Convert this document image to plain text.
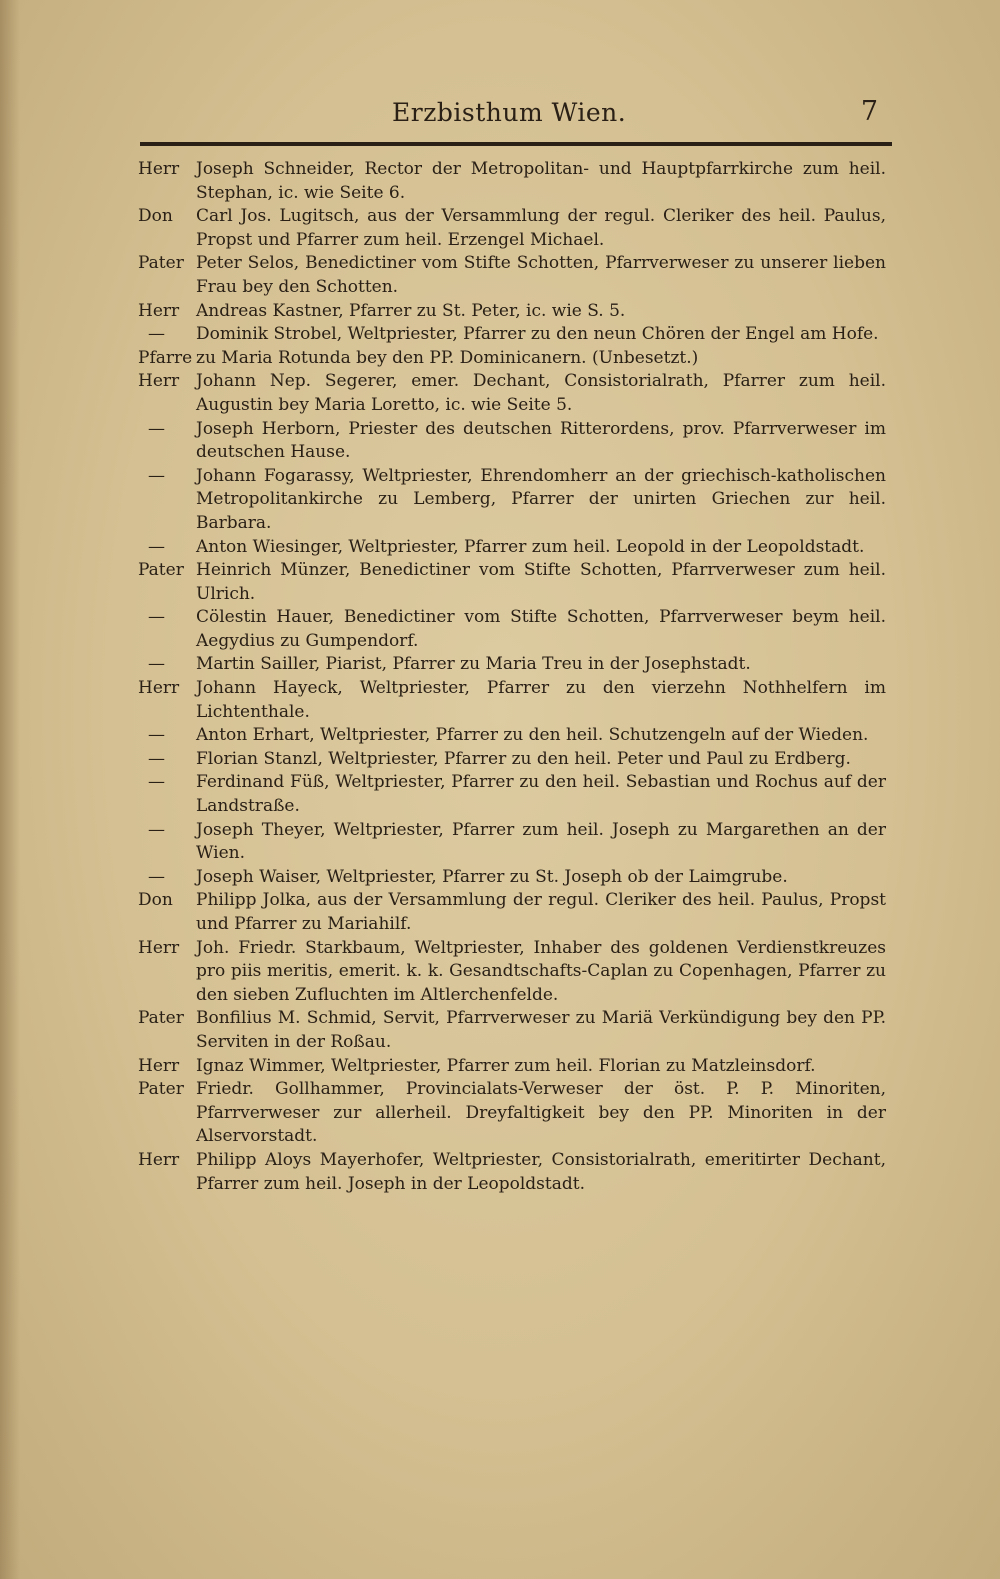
Erzbisthum Wien.	7
Herr Joseph Schneider, Rector der Metropolitan- und Hauptpfarrkirche zum heil. Stephan, ic. wie Seite 6.
Don Carl Jos. Lugitsch, aus der Versammlung der regul. Cleriker des heil. Paulus, Propst und Pfarrer zum heil. Erzengel Michael.
Pater Peter Selos, Benedictiner vom Stifte Schotten, Pfarrverweser zu unserer lieben Frau bey den Schotten.
Herr Andreas Kastner, Pfarrer zu St. Peter, ic. wie S. 5.
— Dominik Strobel, Weltpriester, Pfarrer zu den neun Chören der Engel am Hofe.
Pfarre zu Maria Rotunda bey den PP. Dominicanern. (Unbesetzt.)
Herr Johann Nep. Segerer, emer. Dechant, Consistorialrath, Pfarrer zum heil. Augustin bey Maria Loretto, ic. wie Seite 5.
— Joseph Herborn, Priester des deutschen Ritterordens, prov. Pfarrverweser im deutschen Hause.
— Johann Fogarassy, Weltpriester, Ehrendomherr an der griechisch-katholischen Metropolitankirche zu Lemberg, Pfarrer der unirten Griechen zur heil. Barbara.
— Anton Wiesinger, Weltpriester, Pfarrer zum heil. Leopold in der Leopoldstadt.
Pater Heinrich Münzer, Benedictiner vom Stifte Schotten, Pfarrverweser zum heil. Ulrich.
— Cölestin Hauer, Benedictiner vom Stifte Schotten, Pfarrverweser beym heil. Aegydius zu Gumpendorf.
— Martin Sailler, Piarist, Pfarrer zu Maria Treu in der Josephstadt.
Herr Johann Hayeck, Weltpriester, Pfarrer zu den vierzehn Nothhelfern im Lichtenthale.
— Anton Erhart, Weltpriester, Pfarrer zu den heil. Schutzengeln auf der Wieden.
— Florian Stanzl, Weltpriester, Pfarrer zu den heil. Peter und Paul zu Erdberg.
— Ferdinand Füß, Weltpriester, Pfarrer zu den heil. Sebastian und Rochus auf der Landstraße.
— Joseph Theyer, Weltpriester, Pfarrer zum heil. Joseph zu Margarethen an der Wien.
— Joseph Waiser, Weltpriester, Pfarrer zu St. Joseph ob der Laimgrube.
Don Philipp Jolka, aus der Versammlung der regul. Cleriker des heil. Paulus, Propst und Pfarrer zu Mariahilf.
Herr Joh. Friedr. Starkbaum, Weltpriester, Inhaber des goldenen Verdienstkreuzes pro piis meritis, emerit. k. k. Gesandtschafts-Caplan zu Copenhagen, Pfarrer zu den sieben Zufluchten im Altlerchenfelde.
Pater Bonfilius M. Schmid, Servit, Pfarrverweser zu Mariä Verkündigung bey den PP. Serviten in der Roßau.
Herr Ignaz Wimmer, Weltpriester, Pfarrer zum heil. Florian zu Matzleinsdorf.
Pater Friedr. Gollhammer, Provincialats-Verweser der öst. P. P. Minoriten, Pfarrverweser zur allerheil. Dreyfaltigkeit bey den PP. Minoriten in der Alservorstadt.
Herr Philipp Aloys Mayerhofer, Weltpriester, Consistorialrath, emeritirter Dechant, Pfarrer zum heil. Joseph in der Leopoldstadt.
